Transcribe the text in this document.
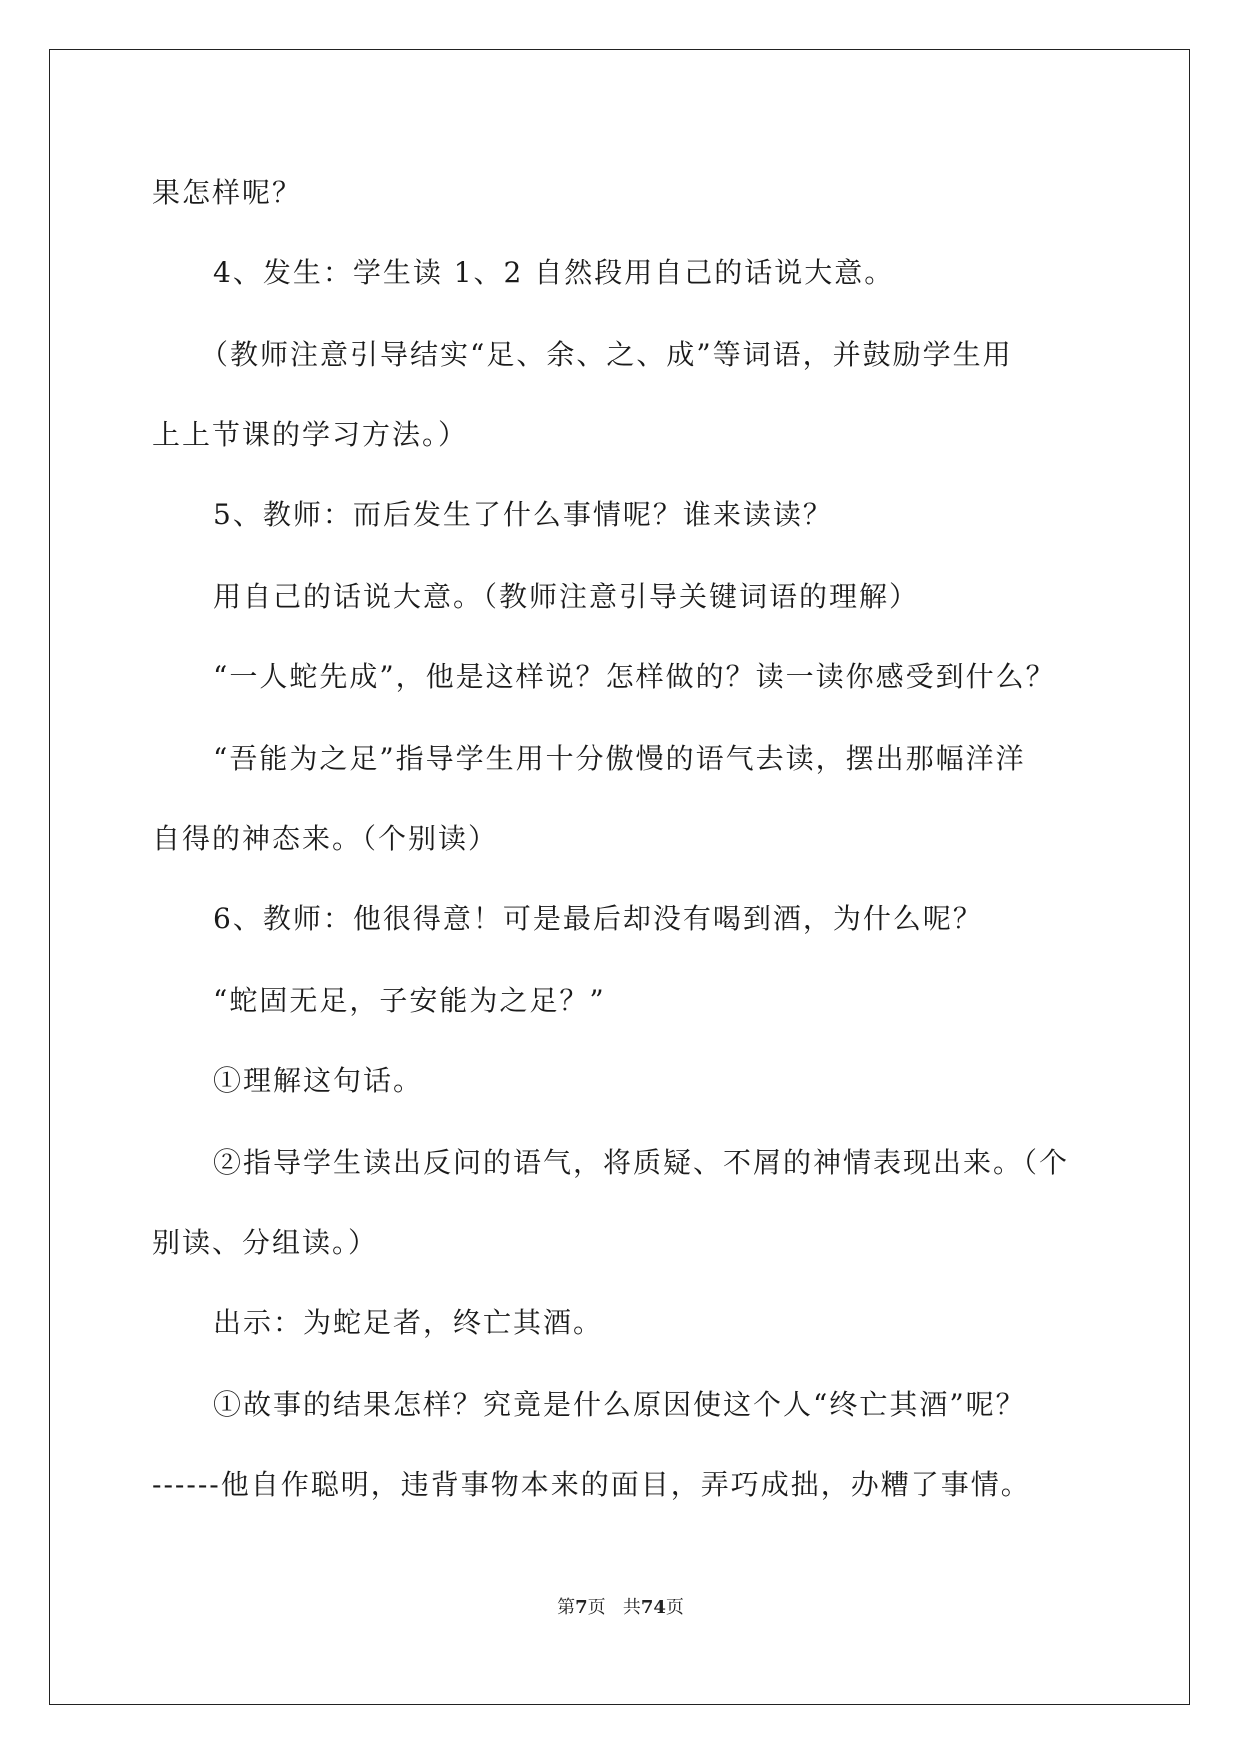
果怎样呢？
4、发生：学生读 1、2 自然段用自己的话说大意。
（教师注意引导结实“足、余、之、成”等词语，并鼓励学生用
上上节课的学习方法。）
5、教师：而后发生了什么事情呢？谁来读读？
用自己的话说大意。（教师注意引导关键词语的理解）
“一人蛇先成”，他是这样说？怎样做的？读一读你感受到什么？
“吾能为之足”指导学生用十分傲慢的语气去读，摆出那幅洋洋
自得的神态来。（个别读）
6、教师：他很得意！可是最后却没有喝到酒，为什么呢？
“蛇固无足，子安能为之足？”
①理解这句话。
②指导学生读出反问的语气，将质疑、不屑的神情表现出来。（个
别读、分组读。）
出示：为蛇足者，终亡其酒。
①故事的结果怎样？究竟是什么原因使这个人“终亡其酒”呢？
------他自作聪明，违背事物本来的面目，弄巧成拙，办糟了事情。
第7页 共74页
